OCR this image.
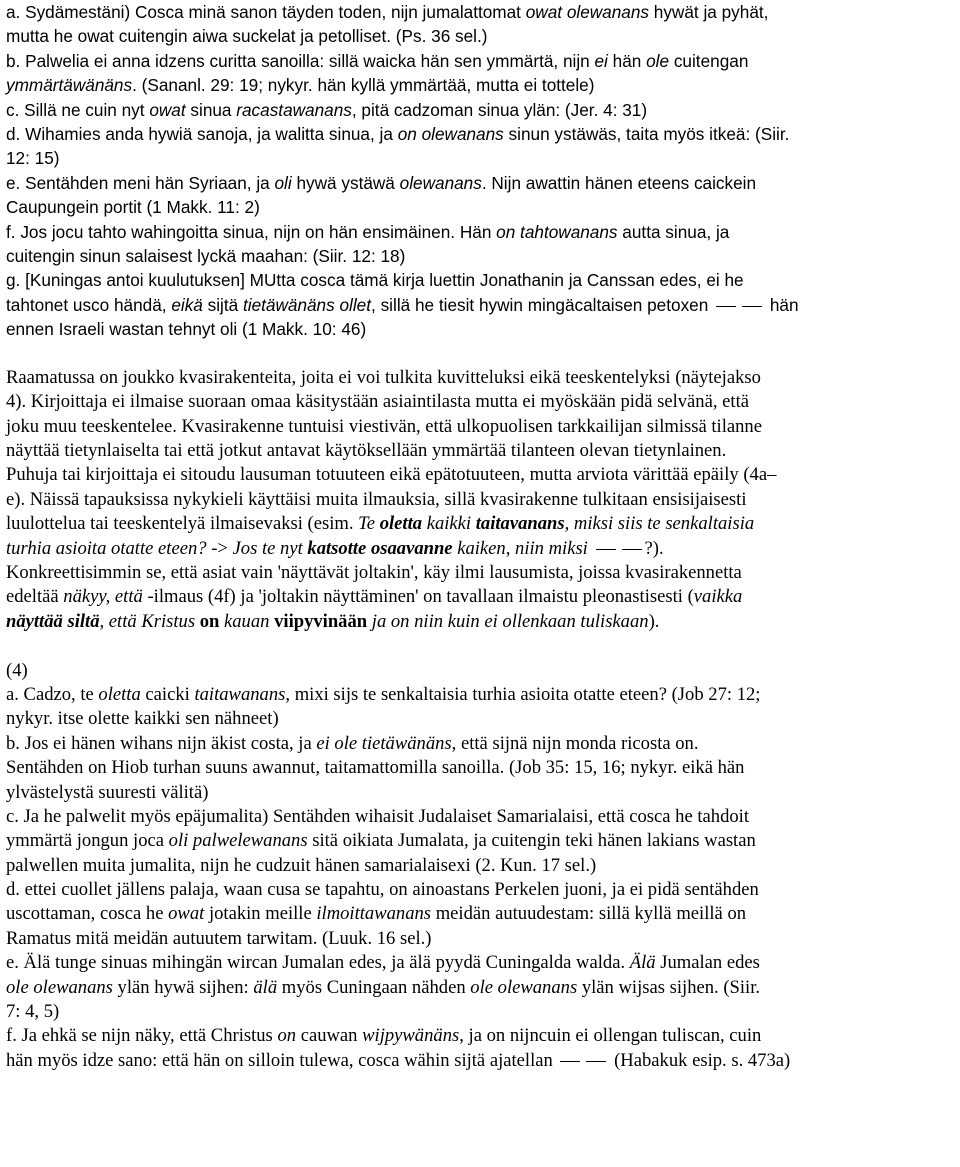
a. Sydämestäni) Cosca minä sanon täyden toden, nijn jumalattomat owat olewanans hywät ja pyhät,
mutta he owat cuitengin aiwa suckelat ja petolliset. (Ps. 36 sel.)
b. Palwelia ei anna idzens curitta sanoilla: sillä waicka hän sen ymmärtä, nijn ei hän ole cuitengan
ymmärtäwänäns. (Sananl. 29: 19; nykyr. hän kyllä ymmärtää, mutta ei tottele)
c. Sillä ne cuin nyt owat sinua racastawanans, pitä cadzoman sinua ylän: (Jer. 4: 31)
d. Wihamies anda hywiä sanoja, ja walitta sinua, ja on olewanans sinun ystäwäs, taita myös itkeä: (Siir.
12: 15)
e. Sentähden meni hän Syriaan, ja oli hywä ystäwä olewanans. Nijn awattin hänen eteens caickein
Caupungein portit (1 Makk. 11: 2)
f. Jos jocu tahto wahingoitta sinua, nijn on hän ensimäinen. Hän on tahtowanans autta sinua, ja
cuitengin sinun salaisest lyckä maahan: (Siir. 12: 18)
g. [Kuningas antoi kuulutuksen] MUtta cosca tämä kirja luettin Jonathanin ja Canssan edes, ei he
tahtonet usco händä, eikä sijtä tietäwänäns ollet, sillä he tiesit hywin mingäcaltaisen petoxen	hän
ennen Israeli wastan tehnyt oli (1 Makk. 10: 46)
Raamatussa on joukko kvasirakenteita, joita ei voi tulkita kuvitteluksi eikä teeskentelyksi (näytejakso
4). Kirjoittaja ei ilmaise suoraan omaa käsitystään asiaintilasta mutta ei myöskään pidä selvänä, että
joku muu teeskentelee. Kvasirakenne tuntuisi viestivän, että ulkopuolisen tarkkailijan silmissä tilanne
näyttää tietynlaiselta tai että jotkut antavat käytöksellään ymmärtää tilanteen olevan tietynlainen.
Puhuja tai kirjoittaja ei sitoudu lausuman totuuteen eikä epätotuuteen, mutta arviota värittää epäily (4a–
e). Näissä tapauksissa nykykieli käyttäisi muita ilmauksia, sillä kvasirakenne tulkitaan ensisijaisesti
luulottelua tai teeskentelyä ilmaisevaksi (esim. Te oletta kaikki taitavanans, miksi siis te senkaltaisia
turhia asioita otatte eteen? -> Jos te nyt katsotte osaavanne kaiken, niin miksi	?).
Konkreettisimmin se, että asiat vain 'näyttävät joltakin', käy ilmi lausumista, joissa kvasirakennetta
edeltää näkyy, että -ilmaus (4f) ja 'joltakin näyttäminen' on tavallaan ilmaistu pleonastisesti (vaikka
näyttää siltä, että Kristus on kauan viipyvinään ja on niin kuin ei ollenkaan tuliskaan).
(4)
a. Cadzo, te oletta caicki taitawanans, mixi sijs te senkaltaisia turhia asioita otatte eteen? (Job 27: 12;
nykyr. itse olette kaikki sen nähneet)
b. Jos ei hänen wihans nijn äkist costa, ja ei ole tietäwänäns, että sijnä nijn monda ricosta on.
Sentähden on Hiob turhan suuns awannut, taitamattomilla sanoilla. (Job 35: 15, 16; nykyr. eikä hän
ylvästelystä suuresti välitä)
c. Ja he palwelit myös epäjumalita) Sentähden wihaisit Judalaiset Samarialaisi, että cosca he tahdoit
ymmärtä jongun joca oli palwelewanans sitä oikiata Jumalata, ja cuitengin teki hänen lakians wastan
palwellen muita jumalita, nijn he cudzuit hänen samarialaisexi (2. Kun. 17 sel.)
d. ettei cuollet jällens palaja, waan cusa se tapahtu, on ainoastans Perkelen juoni, ja ei pidä sentähden
uscottaman, cosca he owat jotakin meille ilmoittawanans meidän autuudestam: sillä kyllä meillä on
Ramatus mitä meidän autuutem tarwitam. (Luuk. 16 sel.)
e. Älä tunge sinuas mihingän wircan Jumalan edes, ja älä pyydä Cuningalda walda. Älä Jumalan edes
ole olewanans ylän hywä sijhen: älä myös Cuningaan nähden ole olewanans ylän wijsas sijhen. (Siir.
7: 4, 5)
f. Ja ehkä se nijn näky, että Christus on cauwan wijpywänäns, ja on nijncuin ei ollengan tuliscan, cuin
hän myös idze sano: että hän on silloin tulewa, cosca wähin sijtä ajatellan	(Habakuk esip. s. 473a)
